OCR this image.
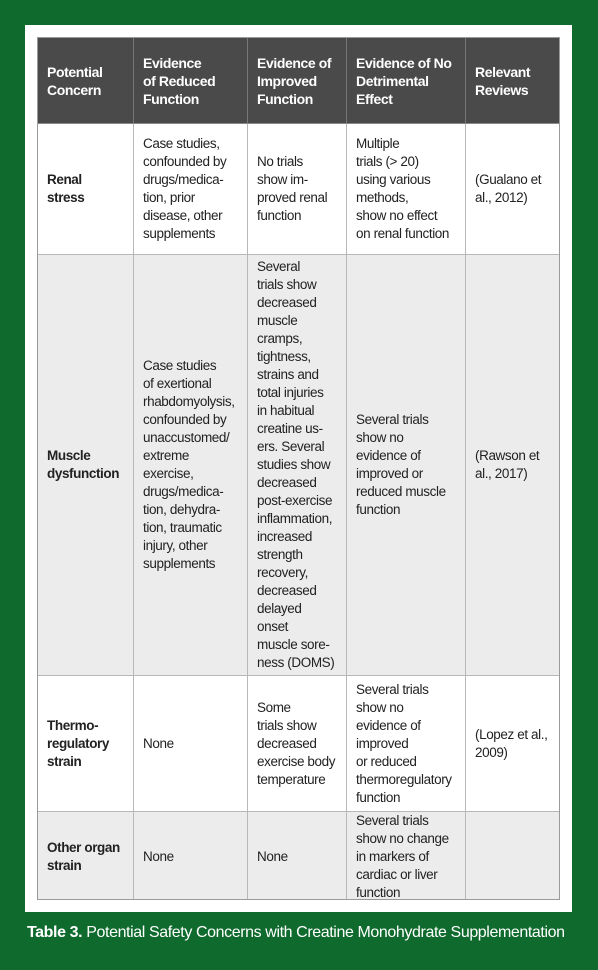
Potential
Concern
Evidence
of Reduced
Function
Evidence of
Improved
Function
Evidence of No
Detrimental
Effect
Relevant
Reviews
Renal
stress
Case studies,
confounded by
drugs/medica-
tion, prior
disease, other
supplements
No trials
show im-
proved renal
function
Multiple
trials (> 20)
using various
methods,
show no effect
on renal function
(Gualano et
al., 2012)
Muscle
dysfunction
Case studies
of exertional
rhabdomyolysis,
confounded by
unaccustomed/
extreme
exercise,
drugs/medica-
tion, dehydra-
tion, traumatic
injury, other
supplements
Several
trials show
decreased
muscle
cramps,
tightness,
strains and
total injuries
in habitual
creatine us-
ers. Several
studies show
decreased
post-exercise
inflammation,
increased
strength
recovery,
decreased
delayed
onset
muscle sore-
ness (DOMS)
Several trials
show no
evidence of
improved or
reduced muscle
function
(Rawson et
al., 2017)
Thermo-
regulatory
strain
None
Some
trials show
decreased
exercise body
temperature
Several trials
show no
evidence of
improved
or reduced
thermoregulatory
function
(Lopez et al.,
2009)
Other organ
strain
None	None
Several trials
show no change
in markers of
cardiac or liver
function
Table 3. Potential Safety Concerns with Creatine Monohydrate Supplementation
